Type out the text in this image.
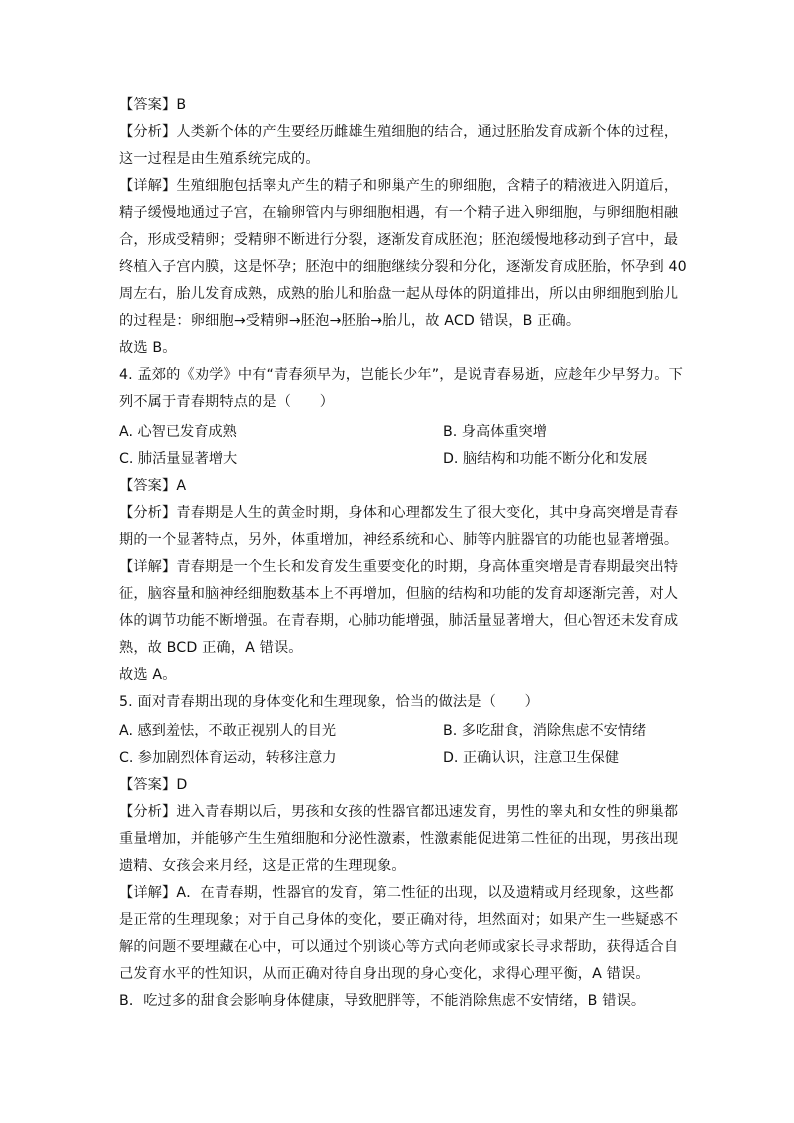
【答案】B
【分析】人类新个体的产生要经历雌雄生殖细胞的结合，通过胚胎发育成新个体的过程，
这一过程是由生殖系统完成的。
【详解】生殖细胞包括睾丸产生的精子和卵巢产生的卵细胞，含精子的精液进入阴道后，
精子缓慢地通过子宫，在输卵管内与卵细胞相遇，有一个精子进入卵细胞，与卵细胞相融
合，形成受精卵；受精卵不断进行分裂，逐渐发育成胚泡；胚泡缓慢地移动到子宫中，最
终植入子宫内膜，这是怀孕；胚泡中的细胞继续分裂和分化，逐渐发育成胚胎，怀孕到 40
周左右，胎儿发育成熟，成熟的胎儿和胎盘一起从母体的阴道排出，所以由卵细胞到胎儿
的过程是：卵细胞→受精卵→胚泡→胚胎→胎儿，故 ACD 错误，B 正确。
故选 B。
4. 孟郊的《劝学》中有“青春须早为，岂能长少年”，是说青春易逝，应趁年少早努力。下
列不属于青春期特点的是（　　）
A. 心智已发育成熟	B. 身高体重突增
C. 肺活量显著增大	D. 脑结构和功能不断分化和发展
【答案】A
【分析】青春期是人生的黄金时期，身体和心理都发生了很大变化，其中身高突增是青春
期的一个显著特点，另外，体重增加，神经系统和心、肺等内脏器官的功能也显著增强。
【详解】青春期是一个生长和发育发生重要变化的时期，身高体重突增是青春期最突出特
征，脑容量和脑神经细胞数基本上不再增加，但脑的结构和功能的发育却逐渐完善，对人
体的调节功能不断增强。在青春期，心肺功能增强，肺活量显著增大，但心智还未发育成
熟，故 BCD 正确，A 错误。
故选 A。
5. 面对青春期出现的身体变化和生理现象，恰当的做法是（　　）
A. 感到羞怯，不敢正视别人的目光	B. 多吃甜食，消除焦虑不安情绪
C. 参加剧烈体育运动，转移注意力	D. 正确认识，注意卫生保健
【答案】D
【分析】进入青春期以后，男孩和女孩的性器官都迅速发育，男性的睾丸和女性的卵巢都
重量增加，并能够产生生殖细胞和分泌性激素，性激素能促进第二性征的出现，男孩出现
遗精、女孩会来月经，这是正常的生理现象。
【详解】A．在青春期，性器官的发育，第二性征的出现，以及遗精或月经现象，这些都
是正常的生理现象；对于自己身体的变化，要正确对待，坦然面对；如果产生一些疑惑不
解的问题不要埋藏在心中，可以通过个别谈心等方式向老师或家长寻求帮助，获得适合自
己发育水平的性知识，从而正确对待自身出现的身心变化，求得心理平衡，A 错误。
B．吃过多的甜食会影响身体健康，导致肥胖等，不能消除焦虑不安情绪，B 错误。
